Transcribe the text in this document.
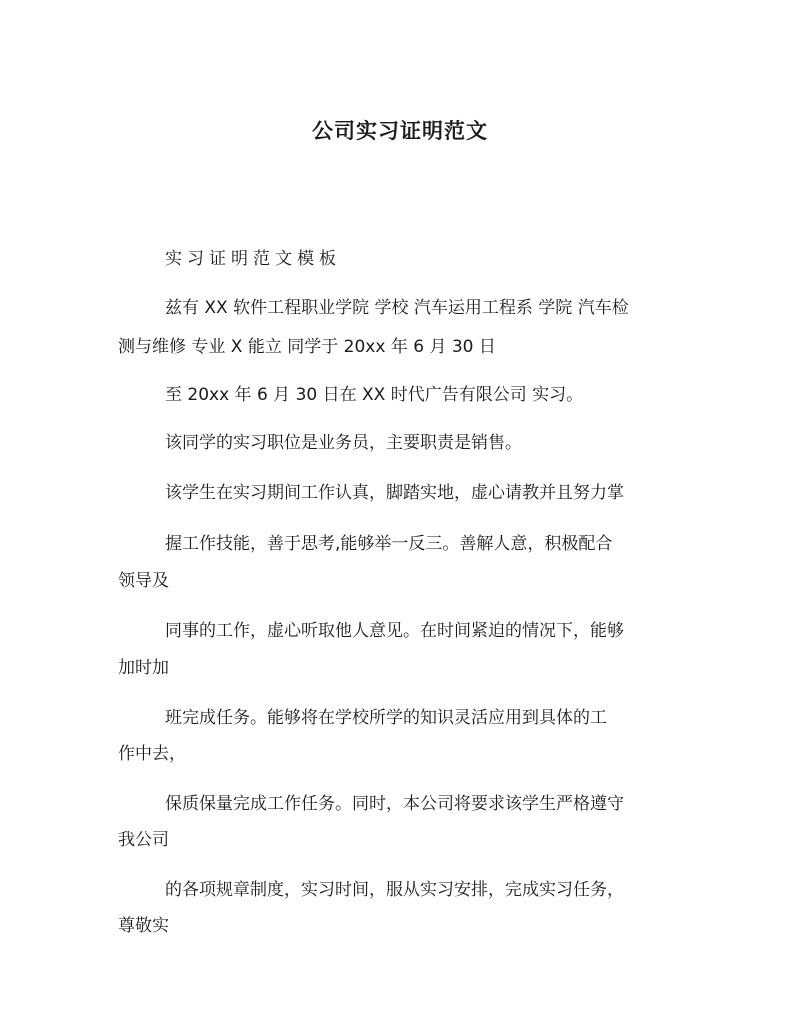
公司实习证明范文
实习证明范文模板
兹有 XX 软件工程职业学院 学校 汽车运用工程系 学院 汽车检
测与维修 专业 X 能立 同学于 20xx 年 6 月 30 日
至 20xx 年 6 月 30 日在 XX 时代广告有限公司 实习。
该同学的实习职位是业务员，主要职责是销售。
该学生在实习期间工作认真，脚踏实地，虚心请教并且努力掌
握工作技能，善于思考,能够举一反三。善解人意，积极配合
领导及
同事的工作，虚心听取他人意见。在时间紧迫的情况下，能够
加时加
班完成任务。能够将在学校所学的知识灵活应用到具体的工
作中去，
保质保量完成工作任务。同时，本公司将要求该学生严格遵守
我公司
的各项规章制度，实习时间，服从实习安排，完成实习任务，
尊敬实
